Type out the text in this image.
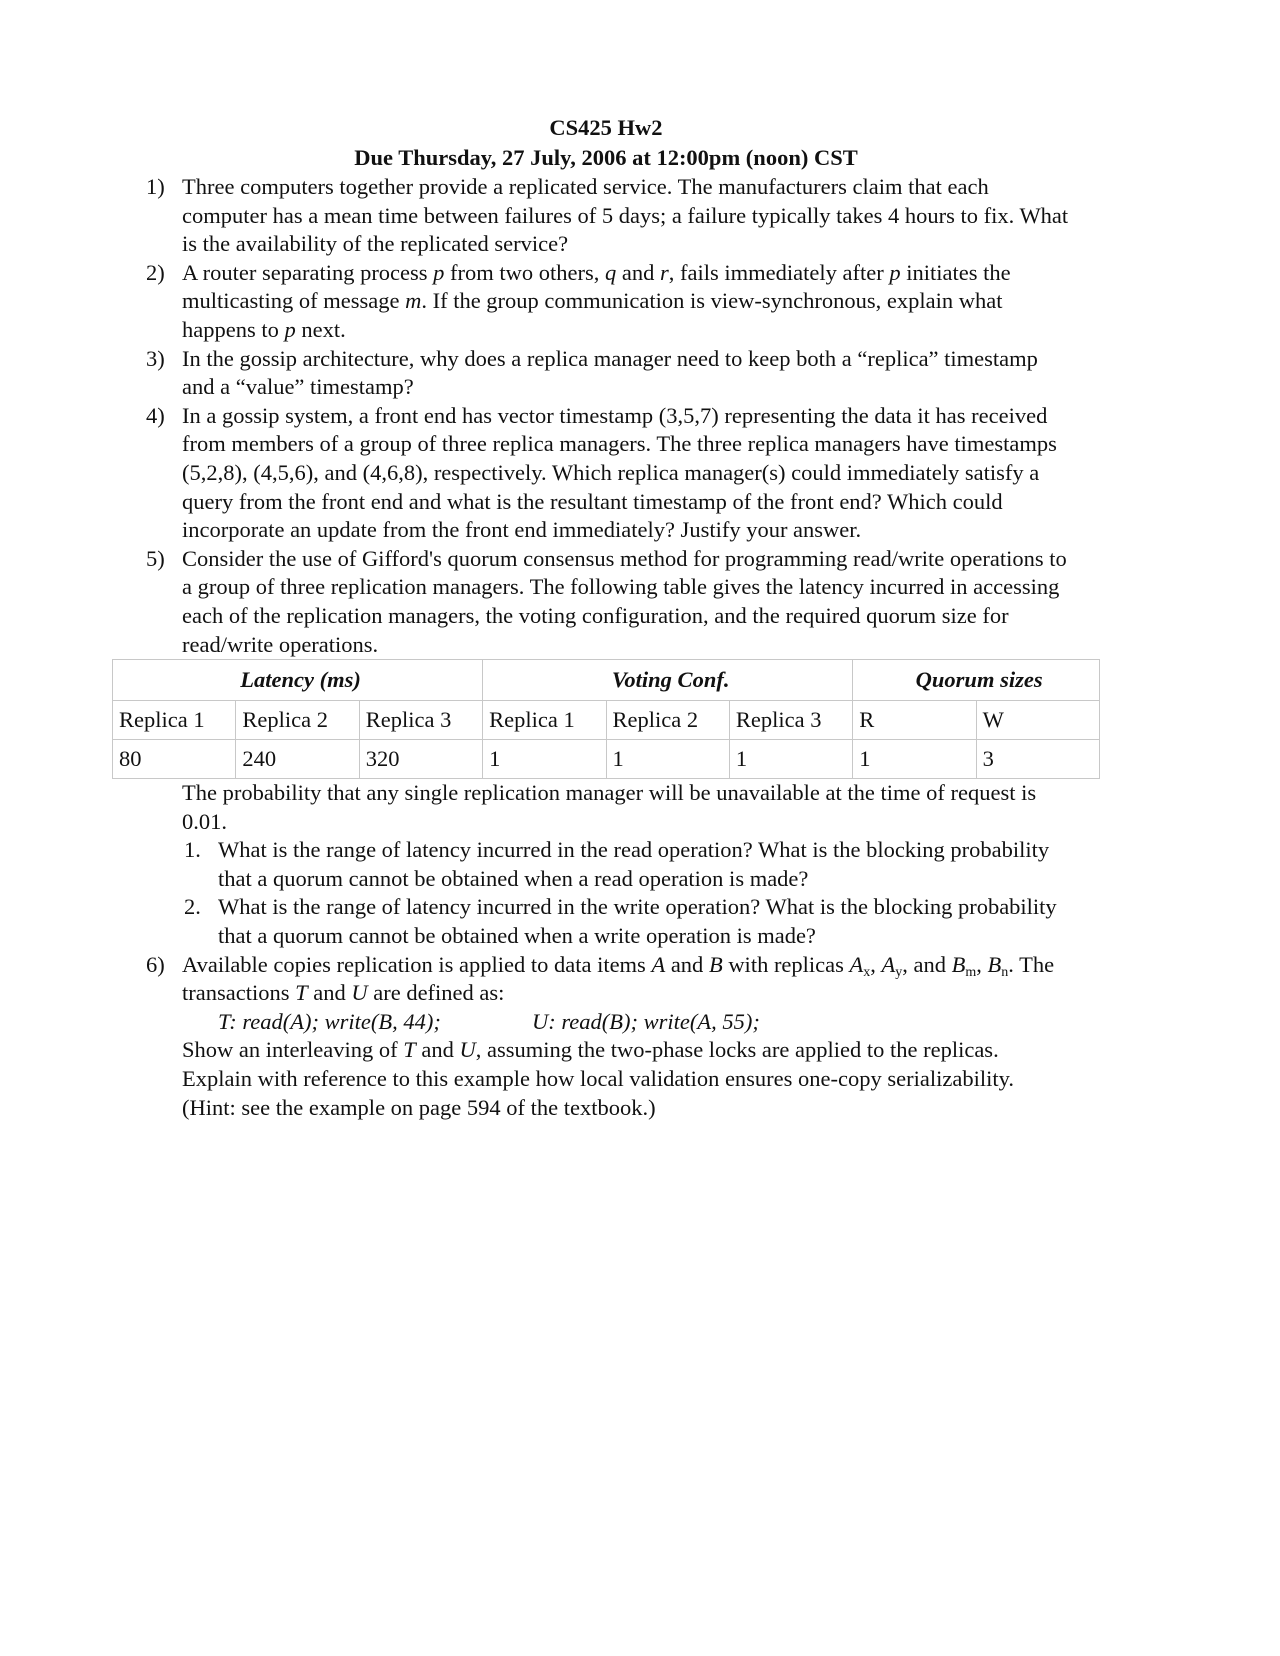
CS425 Hw2
Due Thursday, 27 July, 2006 at 12:00pm (noon) CST
1) Three computers together provide a replicated service. The manufacturers claim that each
computer has a mean time between failures of 5 days; a failure typically takes 4 hours to fix. What
is the availability of the replicated service?
2) A router separating process p from two others, q and r, fails immediately after p initiates the
multicasting of message m. If the group communication is view-synchronous, explain what
happens to p next.
3) In the gossip architecture, why does a replica manager need to keep both a “replica” timestamp
and a “value” timestamp?
4) In a gossip system, a front end has vector timestamp (3,5,7) representing the data it has received
from members of a group of three replica managers. The three replica managers have timestamps
(5,2,8), (4,5,6), and (4,6,8), respectively. Which replica manager(s) could immediately satisfy a
query from the front end and what is the resultant timestamp of the front end? Which could
incorporate an update from the front end immediately? Justify your answer.
5) Consider the use of Gifford's quorum consensus method for programming read/write operations to
a group of three replication managers. The following table gives the latency incurred in accessing
each of the replication managers, the voting configuration, and the required quorum size for
read/write operations.
Latency (ms)			Voting Conf.			Quorum sizes	
Replica 1	Replica 2	Replica 3	Replica 1	Replica 2	Replica 3	R	W
80	240	320	1	1	1	1	3
The probability that any single replication manager will be unavailable at the time of request is
0.01.
1. What is the range of latency incurred in the read operation? What is the blocking probability
that a quorum cannot be obtained when a read operation is made?
2. What is the range of latency incurred in the write operation? What is the blocking probability
that a quorum cannot be obtained when a write operation is made?
6) Available copies replication is applied to data items A and B with replicas $A_x$, $A_y$, and $B_m$, $B_n$. The
transactions T and U are defined as:
T: read(A); write(B, 44);	U: read(B); write(A, 55);
Show an interleaving of T and U, assuming the two-phase locks are applied to the replicas.
Explain with reference to this example how local validation ensures one-copy serializability.
(Hint: see the example on page 594 of the textbook.)
